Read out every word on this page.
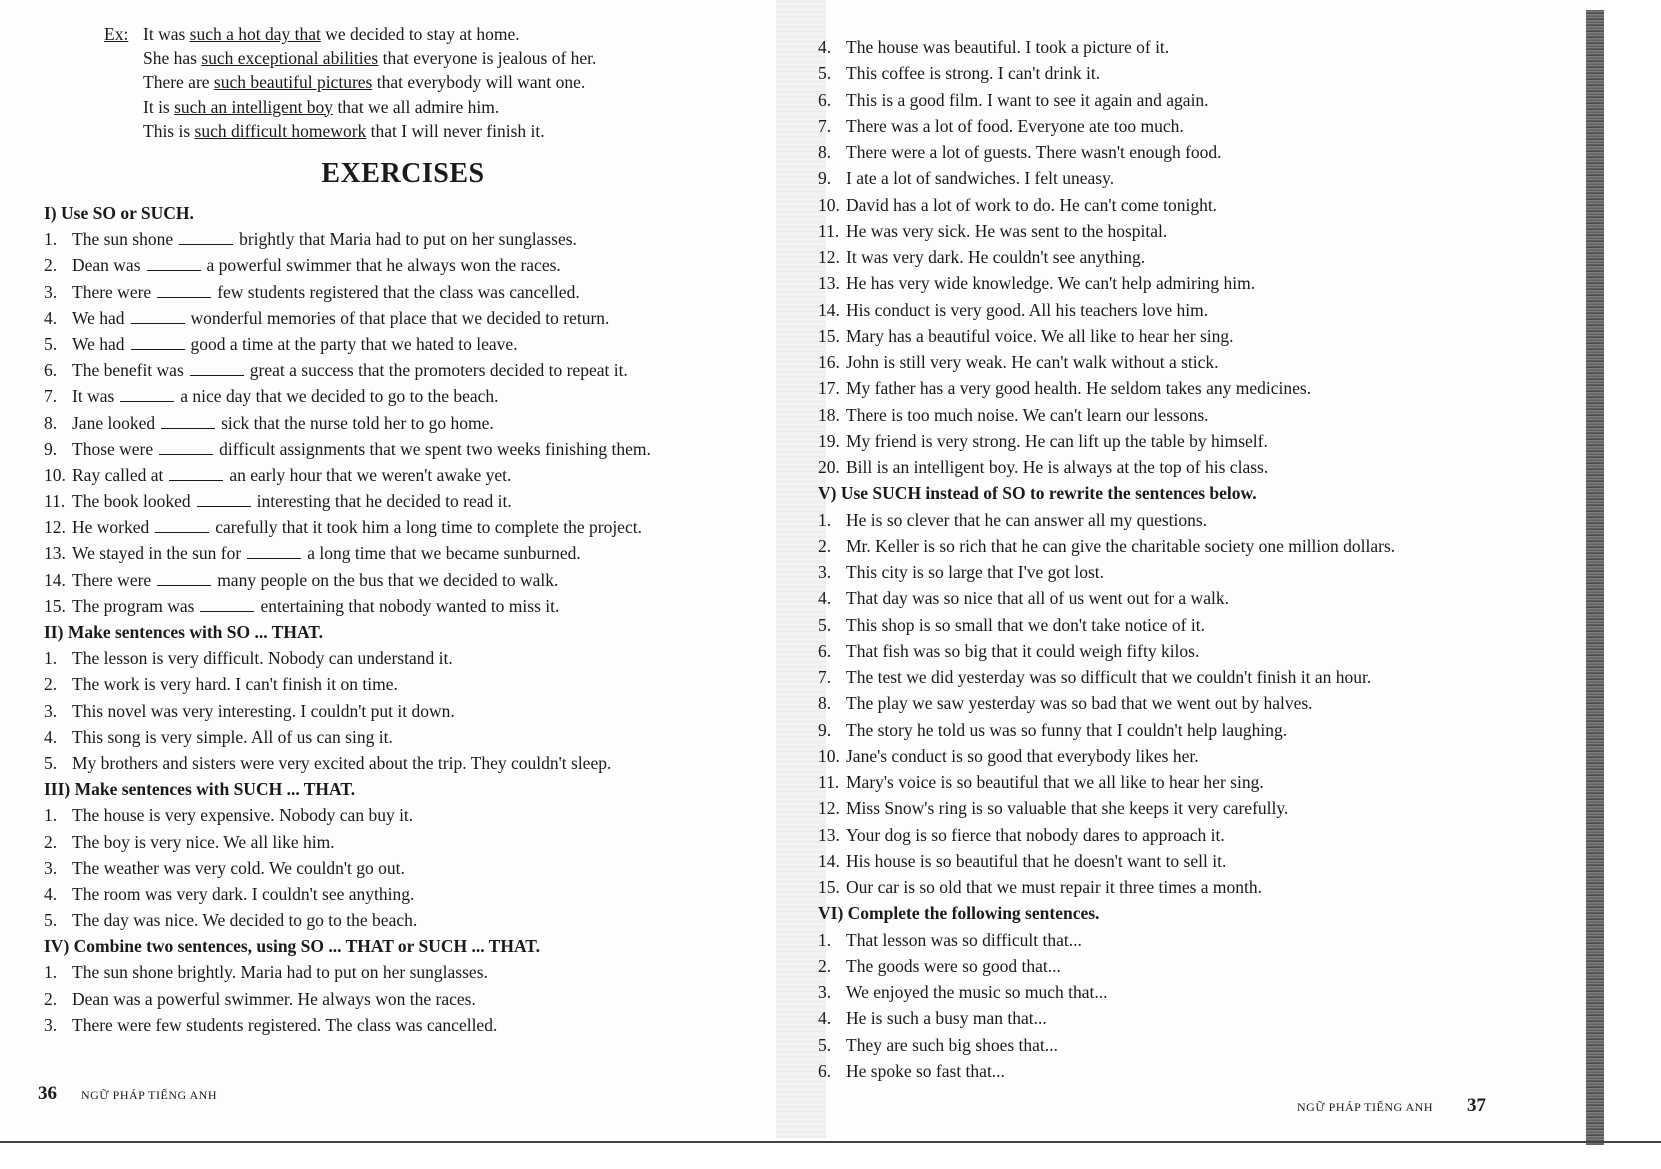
Ex: It was such a hot day that we decided to stay at home.
She has such exceptional abilities that everyone is jealous of her.
There are such beautiful pictures that everybody will want one.
It is such an intelligent boy that we all admire him.
This is such difficult homework that I will never finish it.
EXERCISES
I) Use SO or SUCH.
1. The sun shone	brightly that Maria had to put on her sunglasses.
2. Dean was	a powerful swimmer that he always won the races.
3. There were	few students registered that the class was cancelled.
4. We had	wonderful memories of that place that we decided to return.
5. We had	good a time at the party that we hated to leave.
6. The benefit was	great a success that the promoters decided to repeat it.
7. It was	a nice day that we decided to go to the beach.
8. Jane looked	sick that the nurse told her to go home.
9. Those were	difficult assignments that we spent two weeks finishing them.
10. Ray called at	an early hour that we weren't awake yet.
11. The book looked	interesting that he decided to read it.
12. He worked	carefully that it took him a long time to complete the project.
13. We stayed in the sun for	a long time that we became sunburned.
14. There were	many people on the bus that we decided to walk.
15. The program was	entertaining that nobody wanted to miss it.
II) Make sentences with SO ... THAT.
1. The lesson is very difficult. Nobody can understand it.
2. The work is very hard. I can't finish it on time.
3. This novel was very interesting. I couldn't put it down.
4. This song is very simple. All of us can sing it.
5. My brothers and sisters were very excited about the trip. They couldn't sleep.
III) Make sentences with SUCH ... THAT.
1. The house is very expensive. Nobody can buy it.
2. The boy is very nice. We all like him.
3. The weather was very cold. We couldn't go out.
4. The room was very dark. I couldn't see anything.
5. The day was nice. We decided to go to the beach.
IV) Combine two sentences, using SO ... THAT or SUCH ... THAT.
1. The sun shone brightly. Maria had to put on her sunglasses.
2. Dean was a powerful swimmer. He always won the races.
3. There were few students registered. The class was cancelled.
36 NGỮ PHÁP TIẾNG ANH
4. The house was beautiful. I took a picture of it.
5. This coffee is strong. I can't drink it.
6. This is a good film. I want to see it again and again.
7. There was a lot of food. Everyone ate too much.
8. There were a lot of guests. There wasn't enough food.
9. I ate a lot of sandwiches. I felt uneasy.
10. David has a lot of work to do. He can't come tonight.
11. He was very sick. He was sent to the hospital.
12. It was very dark. He couldn't see anything.
13. He has very wide knowledge. We can't help admiring him.
14. His conduct is very good. All his teachers love him.
15. Mary has a beautiful voice. We all like to hear her sing.
16. John is still very weak. He can't walk without a stick.
17. My father has a very good health. He seldom takes any medicines.
18. There is too much noise. We can't learn our lessons.
19. My friend is very strong. He can lift up the table by himself.
20. Bill is an intelligent boy. He is always at the top of his class.
V) Use SUCH instead of SO to rewrite the sentences below.
1. He is so clever that he can answer all my questions.
2. Mr. Keller is so rich that he can give the charitable society one million dollars.
3. This city is so large that I've got lost.
4. That day was so nice that all of us went out for a walk.
5. This shop is so small that we don't take notice of it.
6. That fish was so big that it could weigh fifty kilos.
7. The test we did yesterday was so difficult that we couldn't finish it an hour.
8. The play we saw yesterday was so bad that we went out by halves.
9. The story he told us was so funny that I couldn't help laughing.
10. Jane's conduct is so good that everybody likes her.
11. Mary's voice is so beautiful that we all like to hear her sing.
12. Miss Snow's ring is so valuable that she keeps it very carefully.
13. Your dog is so fierce that nobody dares to approach it.
14. His house is so beautiful that he doesn't want to sell it.
15. Our car is so old that we must repair it three times a month.
VI) Complete the following sentences.
1. That lesson was so difficult that...
2. The goods were so good that...
3. We enjoyed the music so much that...
4. He is such a busy man that...
5. They are such big shoes that...
6. He spoke so fast that...
NGỮ PHÁP TIẾNG ANH 37
